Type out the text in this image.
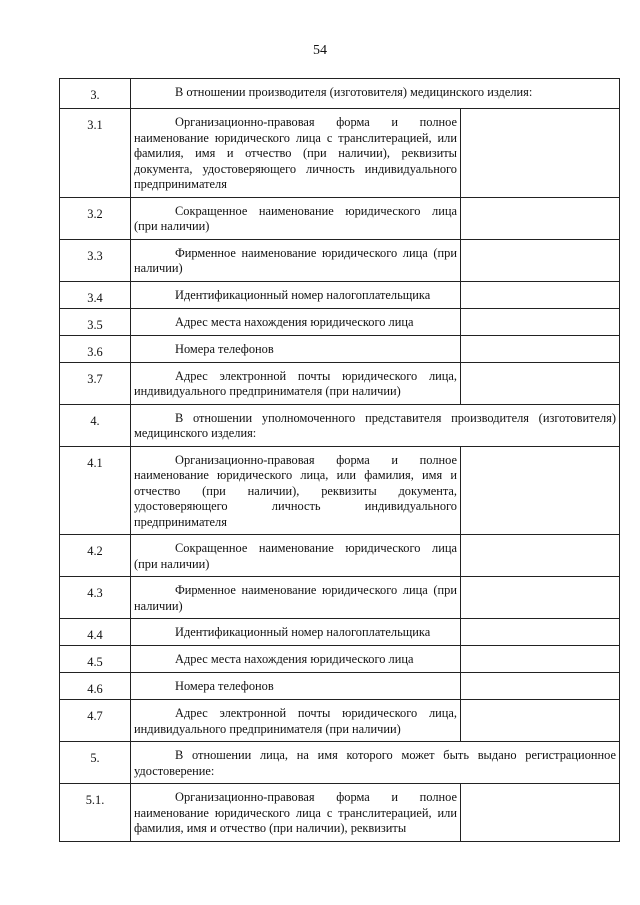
54
3.	В отношении производителя (изготовителя) медицинского изделия:	

3.1	Организационно-правовая форма и полное наименование юридического лица с транслитерацией, или фамилия, имя и отчество (при наличии), реквизиты документа, удостоверяющего личность индивидуального предпринимателя	

3.2	Сокращенное наименование юридического лица (при наличии)	

3.3	Фирменное наименование юридического лица (при наличии)	

3.4	Идентификационный номер налогоплательщика	

3.5	Адрес места нахождения юридического лица	

3.6	Номера телефонов	

3.7	Адрес электронной почты юридического лица, индивидуального предпринимателя (при наличии)	

4.	В отношении уполномоченного представителя производителя (изготовителя) медицинского изделия:	

4.1	Организационно-правовая форма и полное наименование юридического лица, или фамилия, имя и отчество (при наличии), реквизиты документа, удостоверяющего личность индивидуального предпринимателя	

4.2	Сокращенное наименование юридического лица (при наличии)	

4.3	Фирменное наименование юридического лица (при наличии)	

4.4	Идентификационный номер налогоплательщика	

4.5	Адрес места нахождения юридического лица	

4.6	Номера телефонов	

4.7	Адрес электронной почты юридического лица, индивидуального предпринимателя (при наличии)	

5.	В отношении лица, на имя которого может быть выдано регистрационное удостоверение:	

5.1.	Организационно-правовая форма и полное наименование юридического лица с транслитерацией, или фамилия, имя и отчество (при наличии), реквизиты	
